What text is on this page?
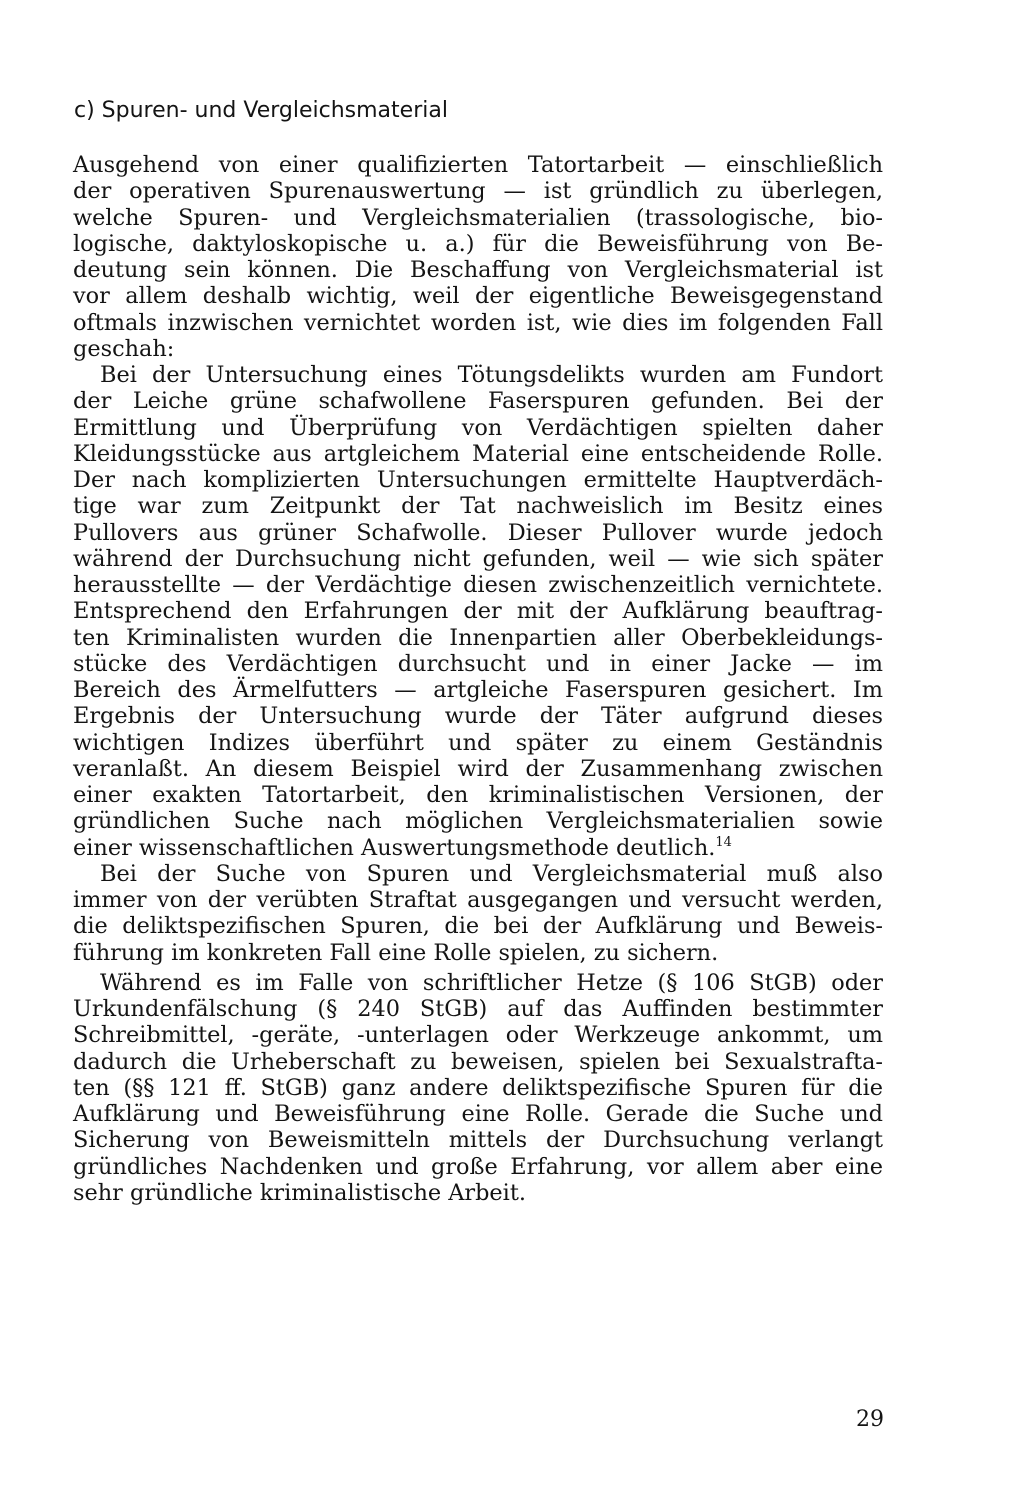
c) Spuren- und Vergleichsmaterial
Ausgehend von einer qualifizierten Tatortarbeit — einschließlich
der operativen Spurenauswertung — ist gründlich zu überlegen,
welche Spuren- und Vergleichsmaterialien (trassologische, bio-
logische, daktyloskopische u. a.) für die Beweisführung von Be-
deutung sein können. Die Beschaffung von Vergleichsmaterial ist
vor allem deshalb wichtig, weil der eigentliche Beweisgegenstand
oftmals inzwischen vernichtet worden ist, wie dies im folgenden Fall
geschah:
Bei der Untersuchung eines Tötungsdelikts wurden am Fundort
der Leiche grüne schafwollene Faserspuren gefunden. Bei der
Ermittlung und Überprüfung von Verdächtigen spielten daher
Kleidungsstücke aus artgleichem Material eine entscheidende Rolle.
Der nach komplizierten Untersuchungen ermittelte Hauptverdäch-
tige war zum Zeitpunkt der Tat nachweislich im Besitz eines
Pullovers aus grüner Schafwolle. Dieser Pullover wurde jedoch
während der Durchsuchung nicht gefunden, weil — wie sich später
herausstellte — der Verdächtige diesen zwischenzeitlich vernichtete.
Entsprechend den Erfahrungen der mit der Aufklärung beauftrag-
ten Kriminalisten wurden die Innenpartien aller Oberbekleidungs-
stücke des Verdächtigen durchsucht und in einer Jacke — im
Bereich des Ärmelfutters — artgleiche Faserspuren gesichert. Im
Ergebnis der Untersuchung wurde der Täter aufgrund dieses
wichtigen Indizes überführt und später zu einem Geständnis
veranlaßt. An diesem Beispiel wird der Zusammenhang zwischen
einer exakten Tatortarbeit, den kriminalistischen Versionen, der
gründlichen Suche nach möglichen Vergleichsmaterialien sowie
einer wissenschaftlichen Auswertungsmethode deutlich.$^{14}$
Bei der Suche von Spuren und Vergleichsmaterial muß also
immer von der verübten Straftat ausgegangen und versucht werden,
die deliktspezifischen Spuren, die bei der Aufklärung und Beweis-
führung im konkreten Fall eine Rolle spielen, zu sichern.
Während es im Falle von schriftlicher Hetze (§ 106 StGB) oder
Urkundenfälschung (§ 240 StGB) auf das Auffinden bestimmter
Schreibmittel, -geräte, -unterlagen oder Werkzeuge ankommt, um
dadurch die Urheberschaft zu beweisen, spielen bei Sexualstrafta-
ten (§§ 121 ff. StGB) ganz andere deliktspezifische Spuren für die
Aufklärung und Beweisführung eine Rolle. Gerade die Suche und
Sicherung von Beweismitteln mittels der Durchsuchung verlangt
gründliches Nachdenken und große Erfahrung, vor allem aber eine
sehr gründliche kriminalistische Arbeit.

29
